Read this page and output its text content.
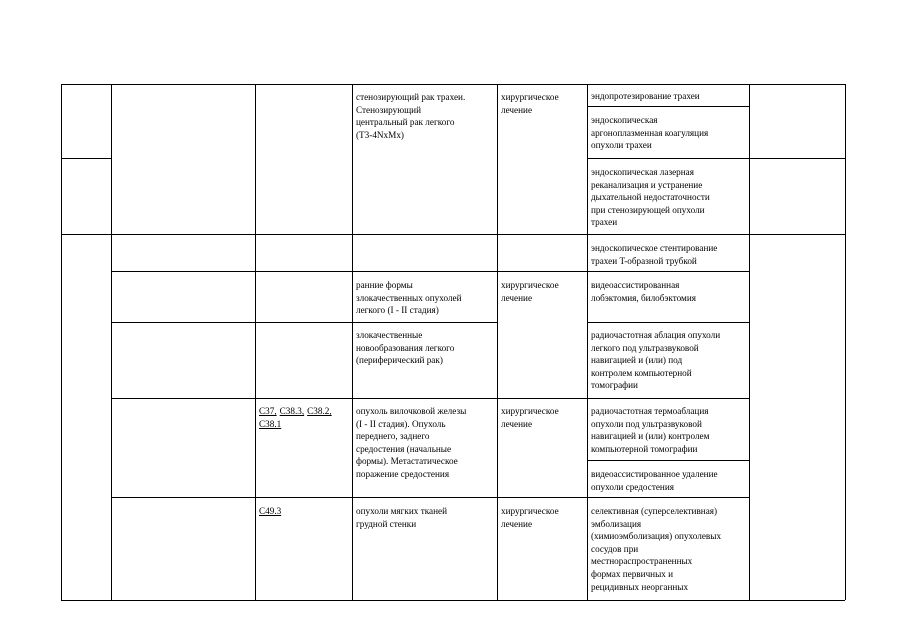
стенозирующий рак трахеи.
Стенозирующий
центральный рак легкого
(T3-4NxMx)
хирургическое
лечение
эндопротезирование трахеи
эндоскопическая
аргоноплазменная коагуляция
опухоли трахеи
эндоскопическая лазерная
реканализация и устранение
дыхательной недостаточности
при стенозирующей опухоли
трахеи
эндоскопическое стентирование
трахеи T-образной трубкой
ранние формы
злокачественных опухолей
легкого (I - II стадия)
хирургическое
лечение
видеоассистированная
лобэктомия, билобэктомия
злокачественные
новообразования легкого
(периферический рак)
радиочастотная аблация опухоли
легкого под ультразвуковой
навигацией и (или) под
контролем компьютерной
томографии
C37, C38.3, C38.2,
C38.1
опухоль вилочковой железы
(I - II стадия). Опухоль
переднего, заднего
средостения (начальные
формы). Метастатическое
поражение средостения
хирургическое
лечение
радиочастотная термоаблация
опухоли под ультразвуковой
навигацией и (или) контролем
компьютерной томографии
видеоассистированное удаление
опухоли средостения
C49.3	опухоли мягких тканей
грудной стенки
хирургическое
лечение
селективная (суперселективная)
эмболизация
(химиоэмболизация) опухолевых
сосудов при
местнораспространенных
формах первичных и
рецидивных неорганных
